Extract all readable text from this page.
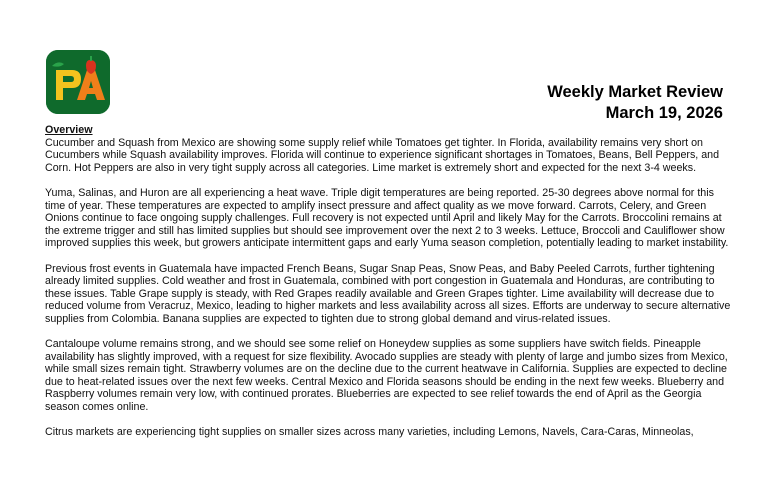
Weekly Market Review
March 19, 2026

Overview

Cucumber and Squash from Mexico are showing some supply relief while Tomatoes get tighter. In Florida, availability remains very short on Cucumbers while Squash availability improves. Florida will continue to experience significant shortages in Tomatoes, Beans, Bell Peppers, and Corn. Hot Peppers are also in very tight supply across all categories. Lime market is extremely short and expected for the next 3-4 weeks.

Yuma, Salinas, and Huron are all experiencing a heat wave. Triple digit temperatures are being reported. 25-30 degrees above normal for this time of year. These temperatures are expected to amplify insect pressure and affect quality as we move forward. Carrots, Celery, and Green Onions continue to face ongoing supply challenges. Full recovery is not expected until April and likely May for the Carrots. Broccolini remains at the extreme trigger and still has limited supplies but should see improvement over the next 2 to 3 weeks. Lettuce, Broccoli and Cauliflower show improved supplies this week, but growers anticipate intermittent gaps and early Yuma season completion, potentially leading to market instability.

Previous frost events in Guatemala have impacted French Beans, Sugar Snap Peas, Snow Peas, and Baby Peeled Carrots, further tightening already limited supplies. Cold weather and frost in Guatemala, combined with port congestion in Guatemala and Honduras, are contributing to these issues. Table Grape supply is steady, with Red Grapes readily available and Green Grapes tighter. Lime availability will decrease due to reduced volume from Veracruz, Mexico, leading to higher markets and less availability across all sizes. Efforts are underway to secure alternative supplies from Colombia. Banana supplies are expected to tighten due to strong global demand and virus-related issues.

Cantaloupe volume remains strong, and we should see some relief on Honeydew supplies as some suppliers have switch fields. Pineapple availability has slightly improved, with a request for size flexibility. Avocado supplies are steady with plenty of large and jumbo sizes from Mexico, while small sizes remain tight. Strawberry volumes are on the decline due to the current heatwave in California. Supplies are expected to decline due to heat-related issues over the next few weeks. Central Mexico and Florida seasons should be ending in the next few weeks. Blueberry and Raspberry volumes remain very low, with continued prorates. Blueberries are expected to see relief towards the end of April as the Georgia season comes online.

Citrus markets are experiencing tight supplies on smaller sizes across many varieties, including Lemons, Navels, Cara-Caras, Minneolas,
